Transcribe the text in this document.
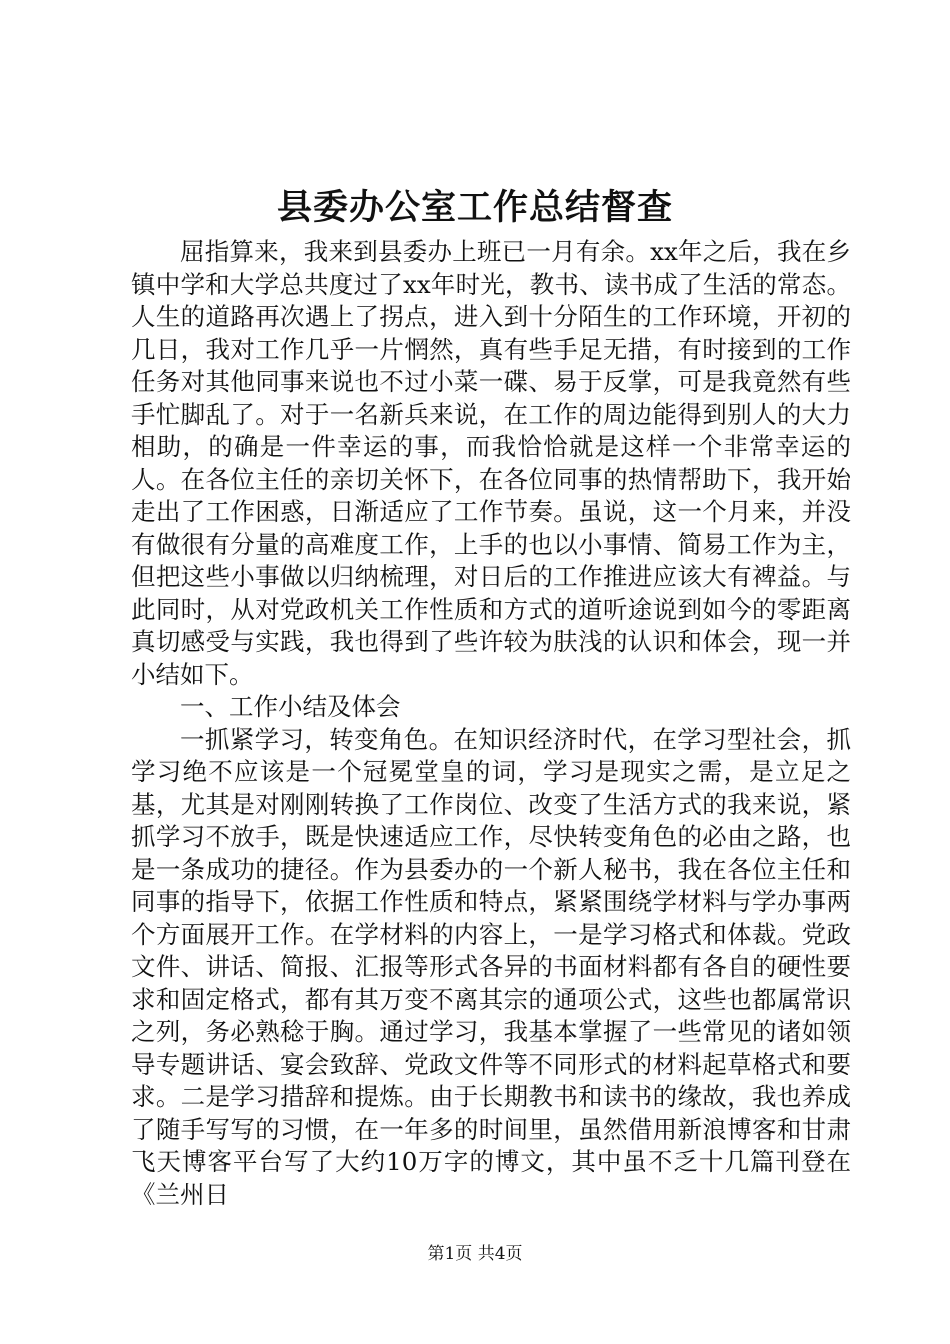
县委办公室工作总结督查

屈指算来，我来到县委办上班已一月有余。xx年之后，我在乡镇中学和大学总共度过了xx年时光，教书、读书成了生活的常态。人生的道路再次遇上了拐点，进入到十分陌生的工作环境，开初的几日，我对工作几乎一片惘然，真有些手足无措，有时接到的工作任务对其他同事来说也不过小菜一碟、易于反掌，可是我竟然有些手忙脚乱了。对于一名新兵来说，在工作的周边能得到别人的大力相助，的确是一件幸运的事，而我恰恰就是这样一个非常幸运的人。在各位主任的亲切关怀下，在各位同事的热情帮助下，我开始走出了工作困惑，日渐适应了工作节奏。虽说，这一个月来，并没有做很有分量的高难度工作，上手的也以小事情、简易工作为主，但把这些小事做以归纳梳理，对日后的工作推进应该大有裨益。与此同时，从对党政机关工作性质和方式的道听途说到如今的零距离真切感受与实践，我也得到了些许较为肤浅的认识和体会，现一并小结如下。

一、工作小结及体会

一抓紧学习，转变角色。在知识经济时代，在学习型社会，抓学习绝不应该是一个冠冕堂皇的词，学习是现实之需，是立足之基，尤其是对刚刚转换了工作岗位、改变了生活方式的我来说，紧抓学习不放手，既是快速适应工作，尽快转变角色的必由之路，也是一条成功的捷径。作为县委办的一个新人秘书，我在各位主任和同事的指导下，依据工作性质和特点，紧紧围绕学材料与学办事两个方面展开工作。在学材料的内容上，一是学习格式和体裁。党政文件、讲话、简报、汇报等形式各异的书面材料都有各自的硬性要求和固定格式，都有其万变不离其宗的通项公式，这些也都属常识之列，务必熟稔于胸。通过学习，我基本掌握了一些常见的诸如领导专题讲话、宴会致辞、党政文件等不同形式的材料起草格式和要求。二是学习措辞和提炼。由于长期教书和读书的缘故，我也养成了随手写写的习惯，在一年多的时间里，虽然借用新浪博客和甘肃飞天博客平台写了大约10万字的博文，其中虽不乏十几篇刊登在《兰州日

第1页 共4页
